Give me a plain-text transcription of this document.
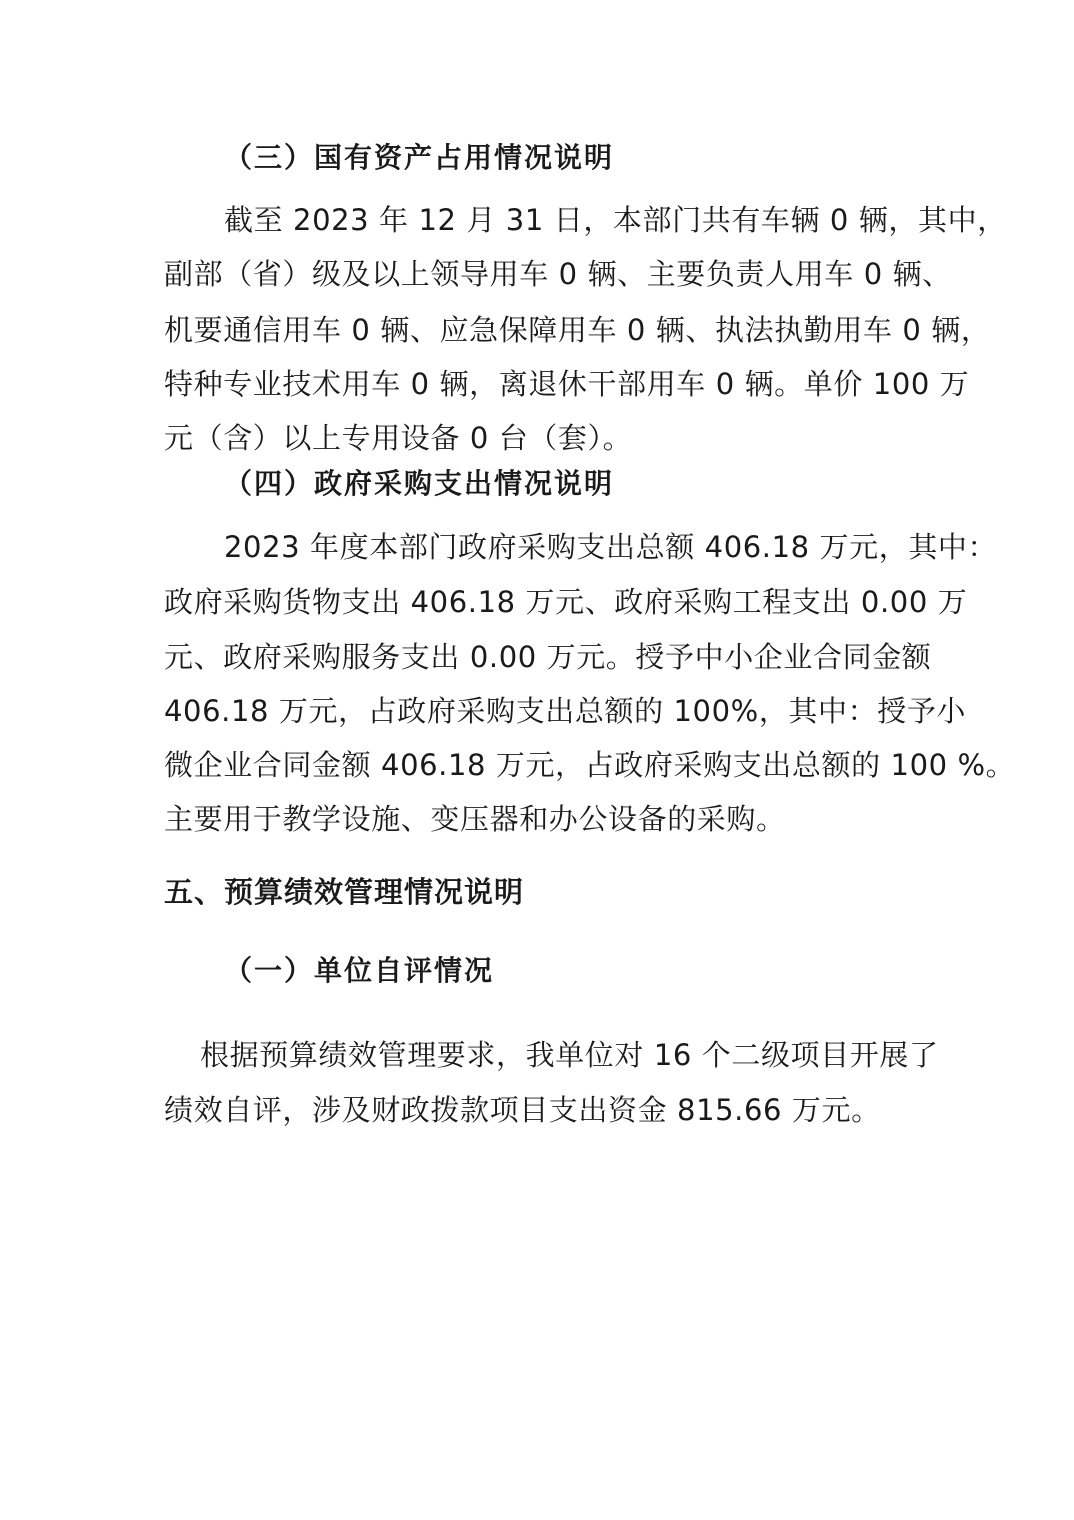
（三）国有资产占用情况说明
截至 2023 年 12 月 31 日，本部门共有车辆 0 辆，其中，
副部（省）级及以上领导用车 0 辆、主要负责人用车 0 辆、
机要通信用车 0 辆、应急保障用车 0 辆、执法执勤用车 0 辆，
特种专业技术用车 0 辆，离退休干部用车 0 辆。单价 100 万
元（含）以上专用设备 0 台（套）。
（四）政府采购支出情况说明
2023 年度本部门政府采购支出总额 406.18 万元，其中：
政府采购货物支出 406.18 万元、政府采购工程支出 0.00 万
元、政府采购服务支出 0.00 万元。授予中小企业合同金额
406.18 万元，占政府采购支出总额的 100%，其中：授予小
微企业合同金额 406.18 万元，占政府采购支出总额的 100 %。
主要用于教学设施、变压器和办公设备的采购。
五、预算绩效管理情况说明
（一）单位自评情况
根据预算绩效管理要求，我单位对 16 个二级项目开展了
绩效自评，涉及财政拨款项目支出资金 815.66 万元。
